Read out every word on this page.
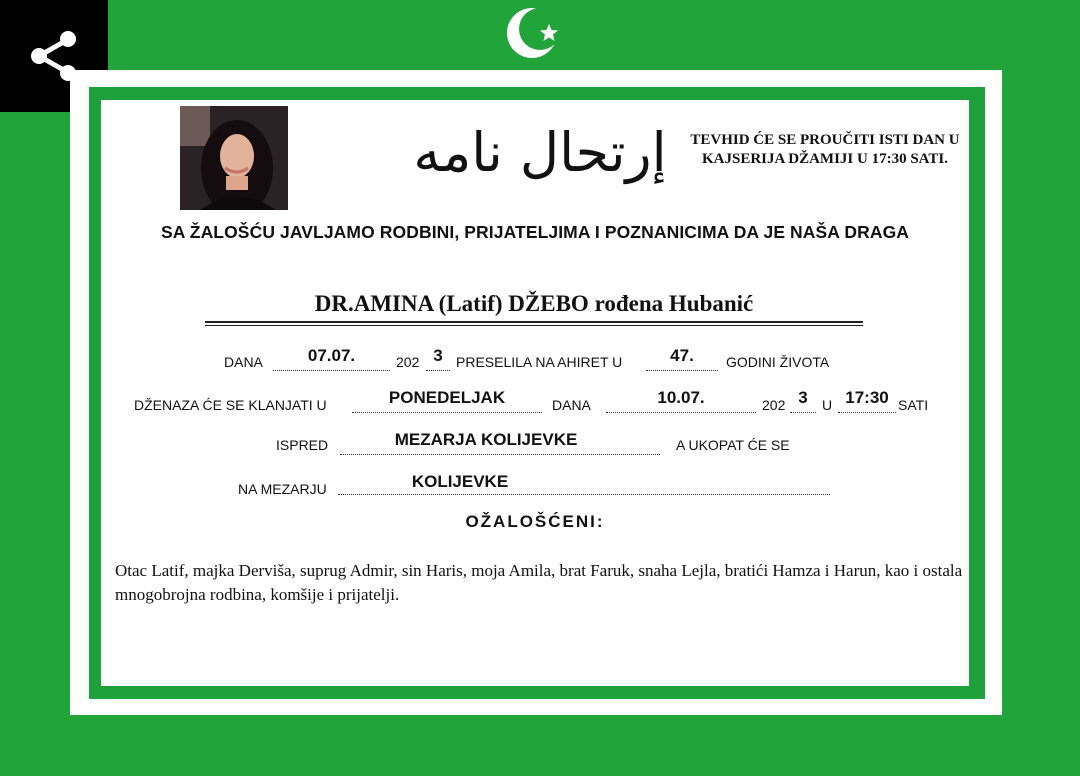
إرتحال نامه	TEVHID ĆE SE PROUČITI ISTI DAN U KAJSERIJA DŽAMIJI U 17:30 SATI.
SA ŽALOŠĆU JAVLJAMO RODBINI, PRIJATELJIMA I POZNANICIMA DA JE NAŠA DRAGA
DR.AMINA (Latif) DŽEBO rođena Hubanić
DANA	07.07.	202 3 PRESELILA NA AHIRET U	47.	GODINI ŽIVOTA
DŽENAZA ĆE SE KLANJATI U	PONEDELJAK	DANA	10.07.	202 3	U 17:30 SATI
ISPRED	MEZARJA KOLIJEVKE	A UKOPAT ĆE SE
NA MEZARJU	KOLIJEVKE
OŽALOŠĆENI:
Otac Latif, majka Derviša, suprug Admir, sin Haris, moja Amila, brat Faruk, snaha Lejla, bratići Hamza i Harun, kao i ostala mnogobrojna rodbina, komšije i prijatelji.
